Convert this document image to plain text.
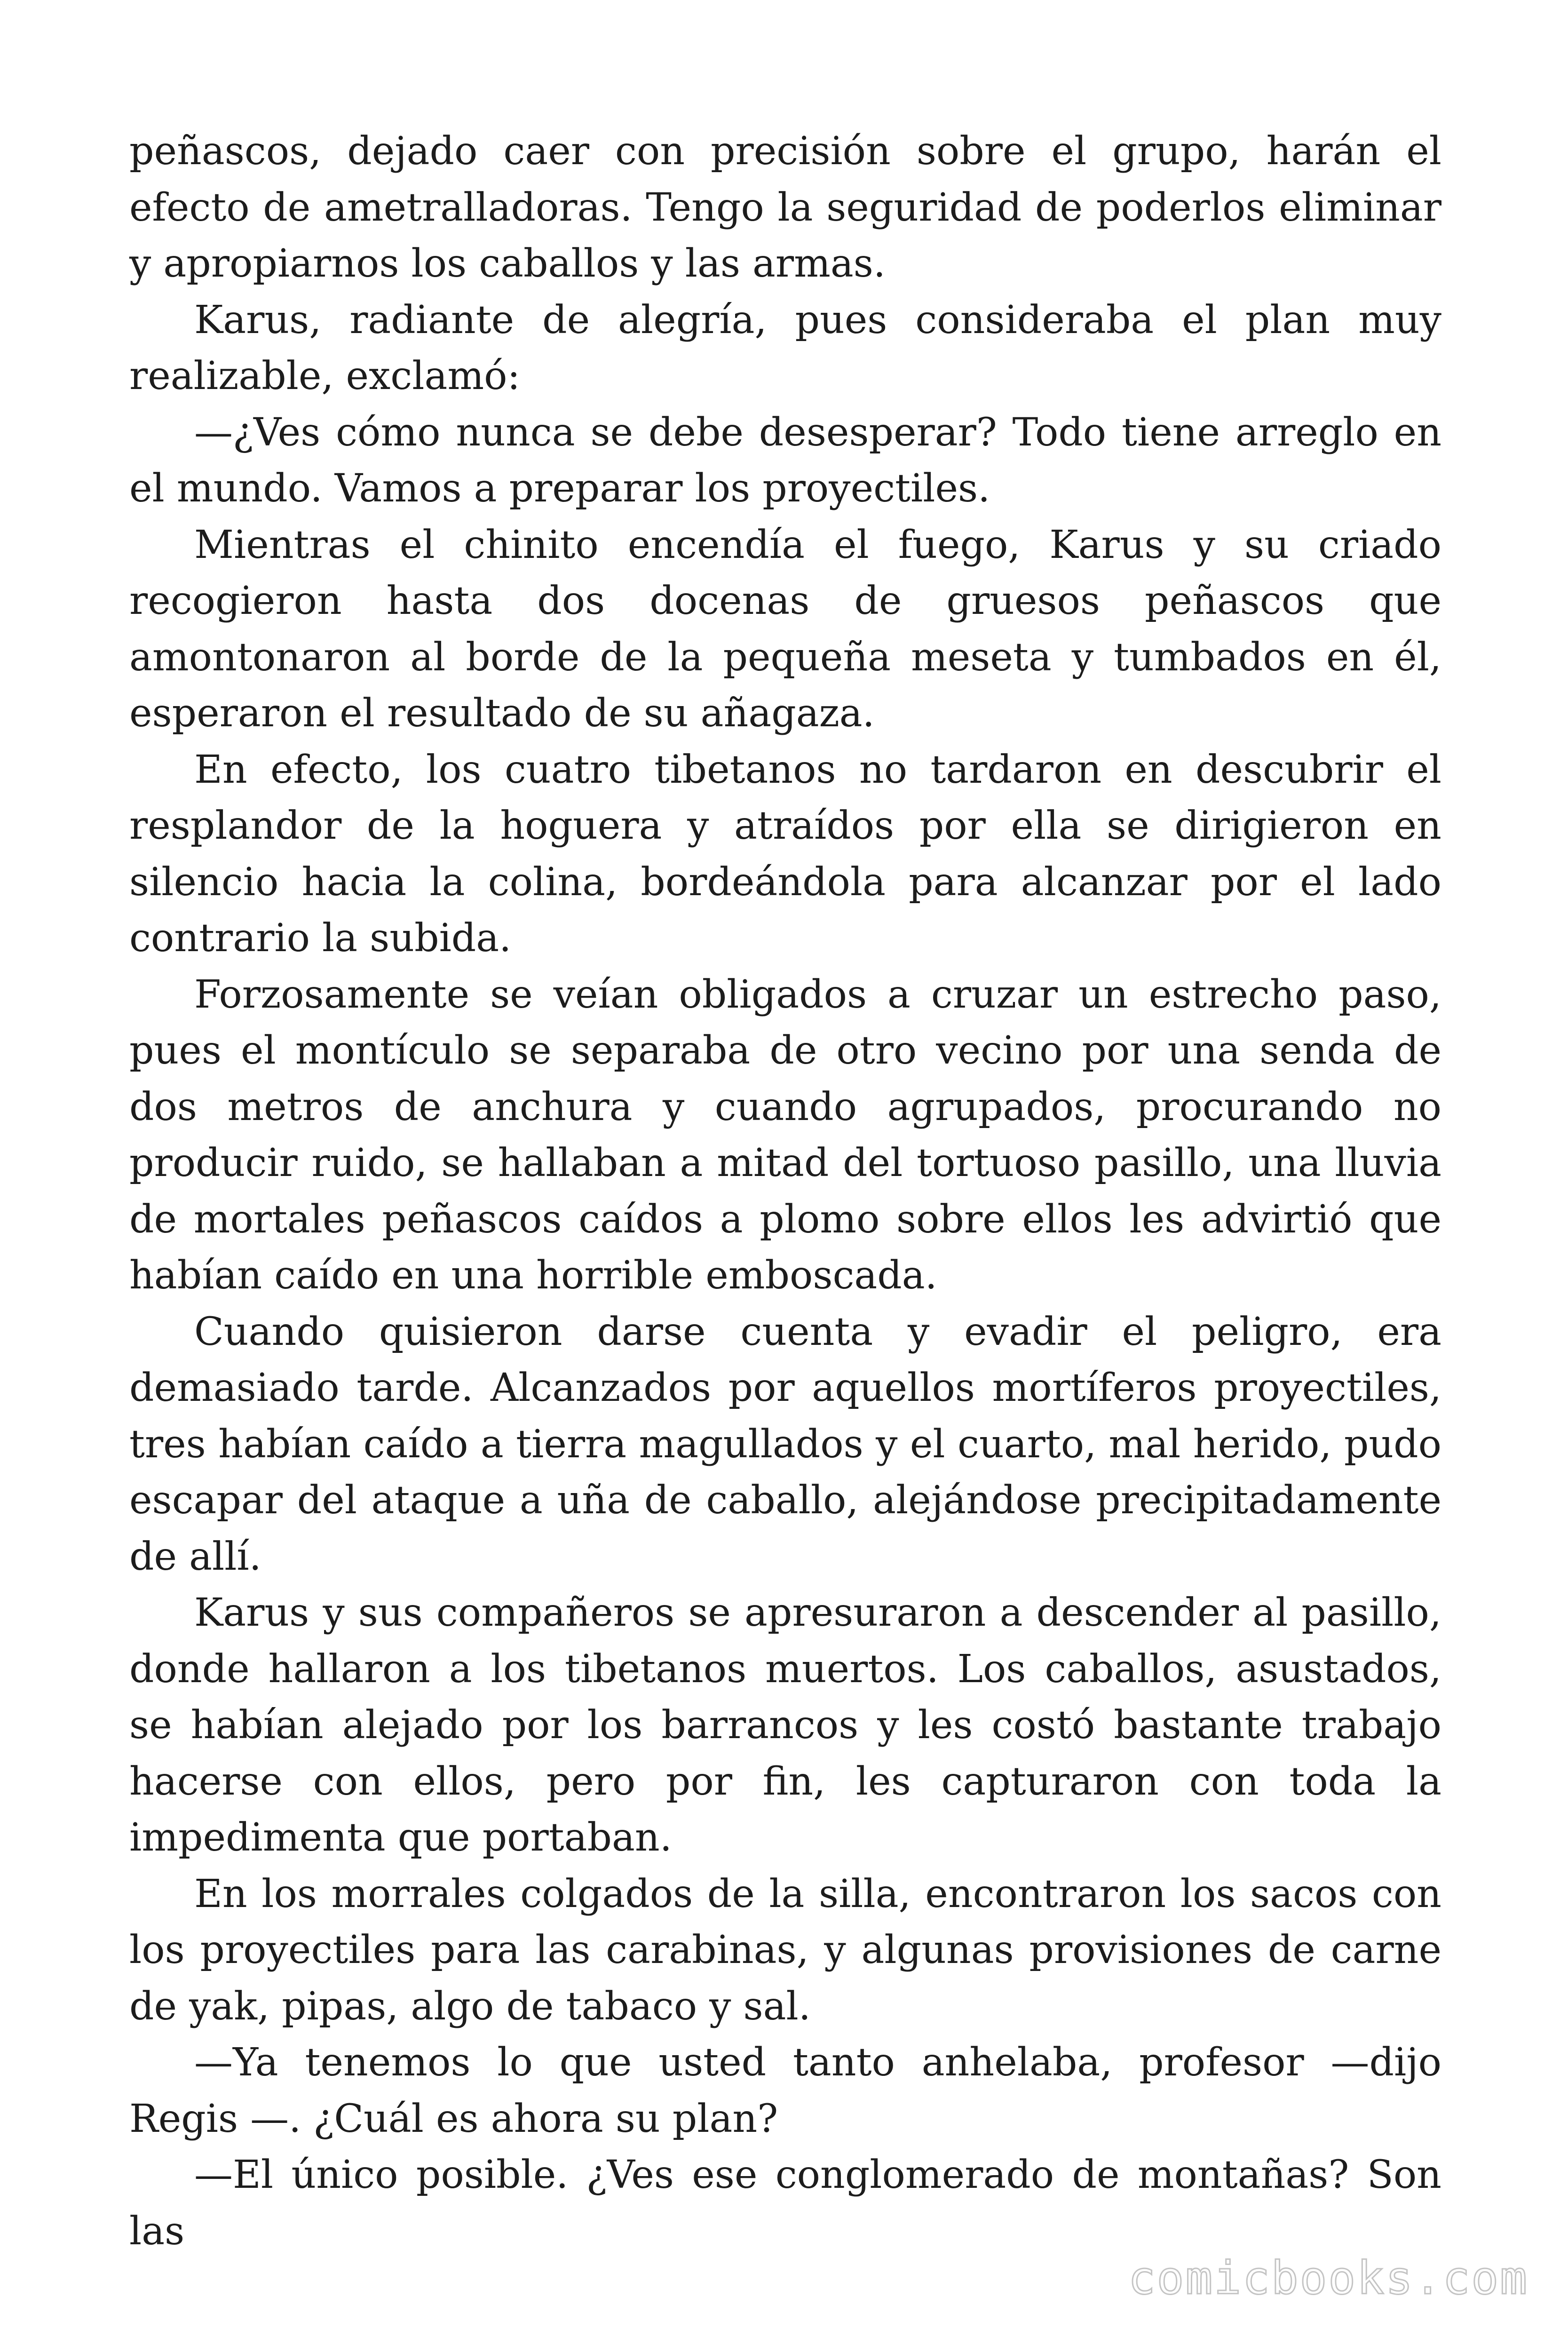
peñascos, dejado caer con precisión sobre el grupo, harán el efecto de ametralladoras. Tengo la seguridad de poderlos eliminar y apropiarnos los caballos y las armas.

Karus, radiante de alegría, pues consideraba el plan muy realizable, exclamó:

—¿Ves cómo nunca se debe desesperar? Todo tiene arreglo en el mundo. Vamos a preparar los proyectiles.

Mientras el chinito encendía el fuego, Karus y su criado recogieron hasta dos docenas de gruesos peñascos que amontonaron al borde de la pequeña meseta y tumbados en él, esperaron el resultado de su añagaza.

En efecto, los cuatro tibetanos no tardaron en descubrir el resplandor de la hoguera y atraídos por ella se dirigieron en silencio hacia la colina, bordeándola para alcanzar por el lado contrario la subida.

Forzosamente se veían obligados a cruzar un estrecho paso, pues el montículo se separaba de otro vecino por una senda de dos metros de anchura y cuando agrupados, procurando no producir ruido, se hallaban a mitad del tortuoso pasillo, una lluvia de mortales peñascos caídos a plomo sobre ellos les advirtió que habían caído en una horrible emboscada.

Cuando quisieron darse cuenta y evadir el peligro, era demasiado tarde. Alcanzados por aquellos mortíferos proyectiles, tres habían caído a tierra magullados y el cuarto, mal herido, pudo escapar del ataque a uña de caballo, alejándose precipitadamente de allí.

Karus y sus compañeros se apresuraron a descender al pasillo, donde hallaron a los tibetanos muertos. Los caballos, asustados, se habían alejado por los barrancos y les costó bastante trabajo hacerse con ellos, pero por fin, les capturaron con toda la impedimenta que portaban.

En los morrales colgados de la silla, encontraron los sacos con los proyectiles para las carabinas, y algunas provisiones de carne de yak, pipas, algo de tabaco y sal.

—Ya tenemos lo que usted tanto anhelaba, profesor —dijo Regis —. ¿Cuál es ahora su plan?

—El único posible. ¿Ves ese conglomerado de montañas? Son las

comicbooks.com
